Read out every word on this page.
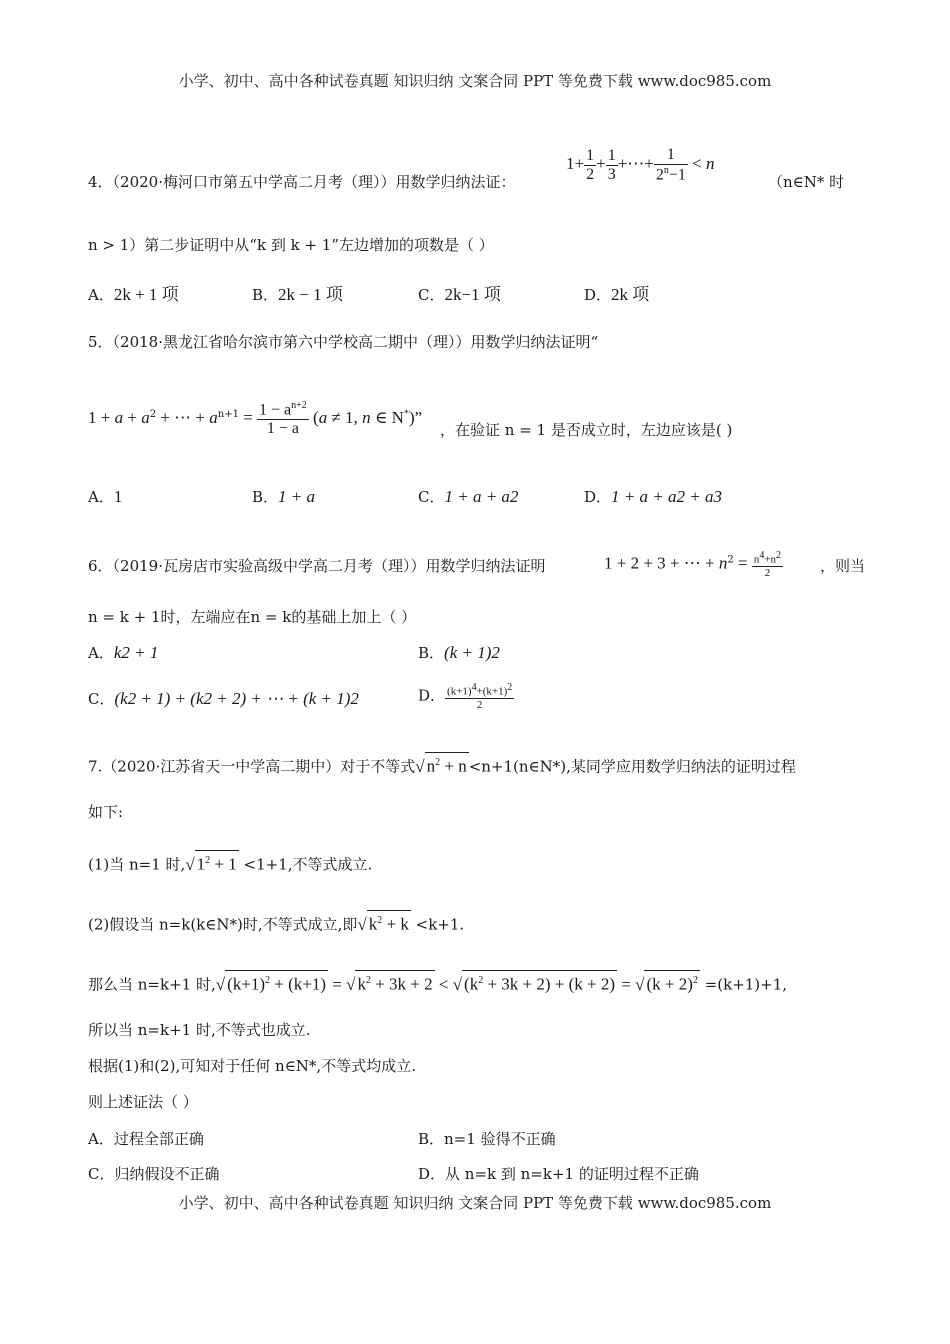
小学、初中、高中各种试卷真题 知识归纳 文案合同 PPT 等免费下载 www.doc985.com
4．（2020·梅河口市第五中学高二月考（理））用数学归纳法证：
$1+ \frac{1}{2} + \frac{1}{3}$ +⋯+ $\frac{1}{2^n-1} < n$
（n∈N* 时
n > 1）第二步证明中从“k 到 k + 1”左边增加的项数是（ ）
A．2k + 1 项	B．2k − 1 项	C．2k−1 项	D．2k 项
5．（2018·黑龙江省哈尔滨市第六中学校高二期中（理））用数学归纳法证明“
$1 + a + a^2$ + ⋯ + $a^{n+1} = \frac{1 - a^{n+2}}{1 - a} (a \ne 1$, n ∈ N*)”
，在验证 n = 1 是否成立时，左边应该是( )
A．1	B．1 + a	C．1 + a + a2	D．1 + a + a2 + a3
6．（2019·瓦房店市实验高级中学高二月考（理））用数学归纳法证明	1 + 2 + 3 + ⋯ + $n^2 = \frac{n^4+n^2}{2}$ ，则当
n = k + 1时，左端应在n = k的基础上加上（ ）
A．k2 + 1	B．(k + 1)2
C．(k2 + 1) + (k2 + 2) + ⋯ + (k + 1)2	D． $\frac{(k+1)^4+(k+1)^2}{2}$
7.（2020·江苏省天一中学高二期中）对于不等式√ $n^2 + n$ <n+1(n∈N*),某同学应用数学归纳法的证明过程
如下:
(1)当 n=1 时,√ $1^2 + 1 <1+1$,不等式成立.
(2)假设当 n=k(k∈N*)时,不等式成立,即√ $k^2 + k <k+1$.
那么当 n=k+1 时,√ $(k+1)^2 + (k+1)$ = √ $k^2 + 3k + 2$ < √ $(k^2 + 3k + 2) + (k + 2)$ = √ $(k + 2)^2 =(k+1)+1$,
所以当 n=k+1 时,不等式也成立.
根据(1)和(2),可知对于任何 n∈N*,不等式均成立.
则上述证法（ ）
A．过程全部正确	B．n=1 验得不正确
C．归纳假设不正确	D．从 n=k 到 n=k+1 的证明过程不正确
小学、初中、高中各种试卷真题 知识归纳 文案合同 PPT 等免费下载 www.doc985.com
